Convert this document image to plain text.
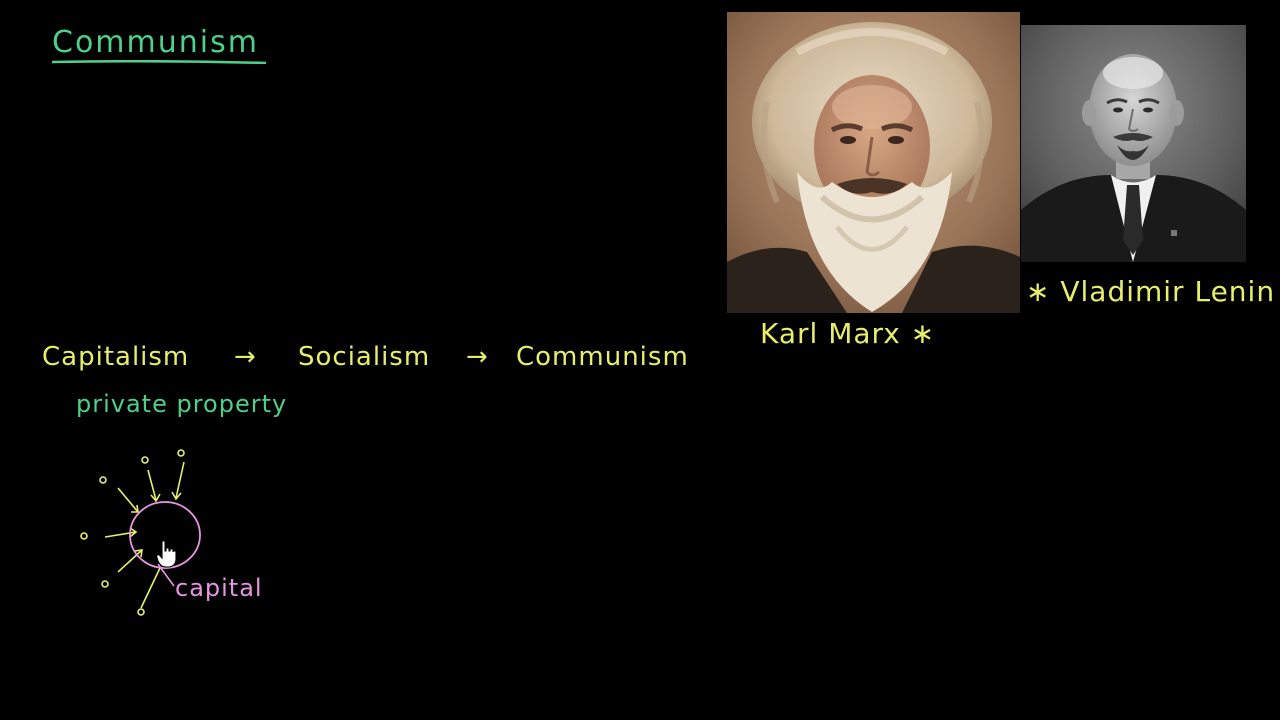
Communism
Capitalism → Socialism → Communism
private property
capital
Karl Marx ∗
∗ Vladimir Lenin
